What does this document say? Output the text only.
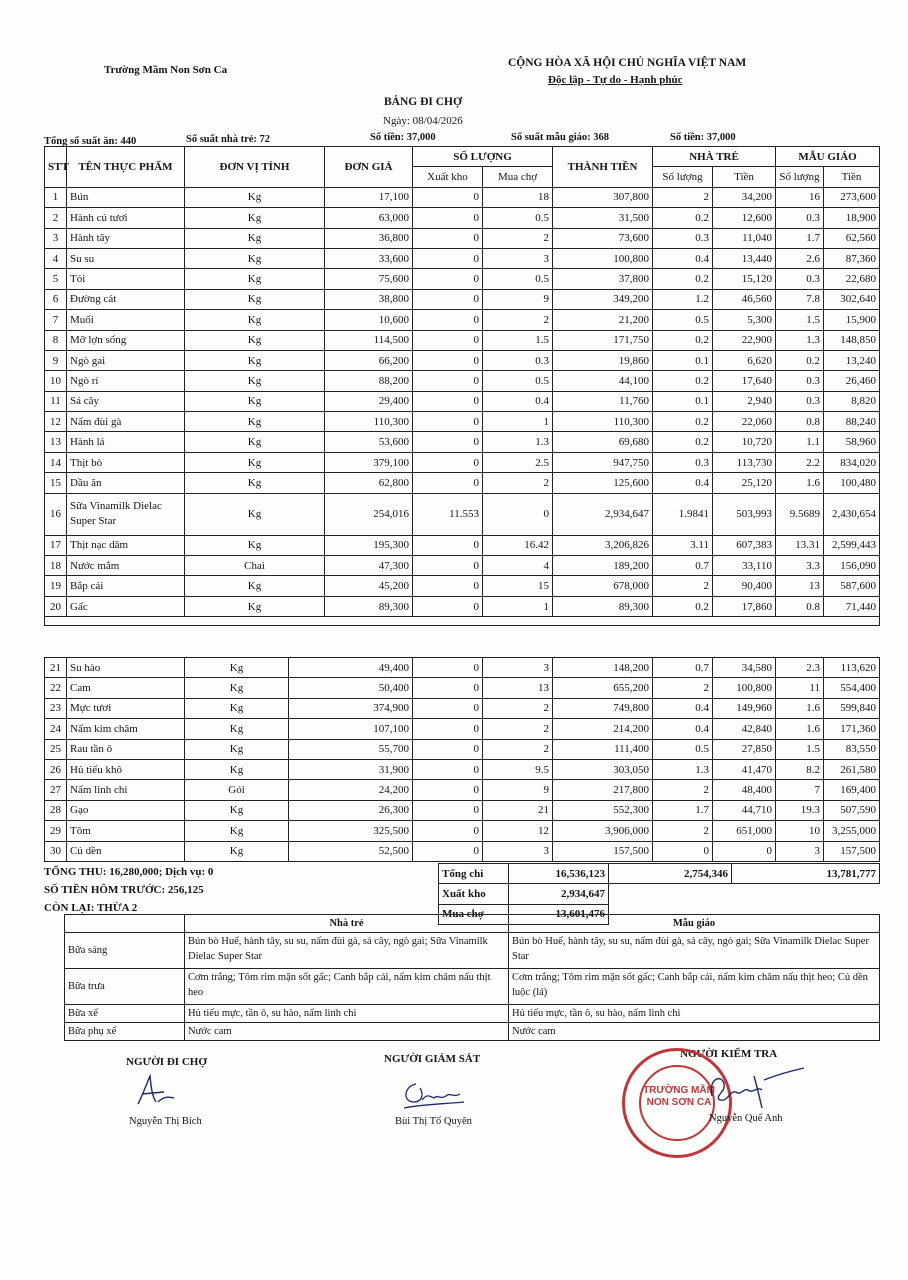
Trường Mầm Non Sơn Ca
CỘNG HÒA XÃ HỘI CHỦ NGHĨA VIỆT NAM
Độc lập - Tự do - Hạnh phúc
BẢNG ĐI CHỢ
Ngày: 08/04/2026
Tổng số suất ăn: 440	Số suất nhà trẻ: 72	Số tiền: 37,000	Số suất mẫu giáo: 368	Số tiền: 37,000
STT	TÊN THỰC PHẨM	ĐƠN VỊ TÍNH	ĐƠN GIÁ	SỐ LƯỢNG		THÀNH TIỀN	NHÀ TRẺ		MẪU GIÁO	
				Xuất kho	Mua chợ		Số lượng	Tiền	Số lượng	Tiền
1	Bún	Kg	17,100	0	18	307,800	2	34,200	16	273,600
2	Hành củ tươi	Kg	63,000	0	0.5	31,500	0.2	12,600	0.3	18,900
3	Hành tây	Kg	36,800	0	2	73,600	0.3	11,040	1.7	62,560
4	Su su	Kg	33,600	0	3	100,800	0.4	13,440	2.6	87,360
5	Tỏi	Kg	75,600	0	0.5	37,800	0.2	15,120	0.3	22,680
6	Đường cát	Kg	38,800	0	9	349,200	1.2	46,560	7.8	302,640
7	Muối	Kg	10,600	0	2	21,200	0.5	5,300	1.5	15,900
8	Mỡ lợn sống	Kg	114,500	0	1.5	171,750	0.2	22,900	1.3	148,850
9	Ngò gai	Kg	66,200	0	0.3	19,860	0.1	6,620	0.2	13,240
10	Ngò rí	Kg	88,200	0	0.5	44,100	0.2	17,640	0.3	26,460
11	Sả cây	Kg	29,400	0	0.4	11,760	0.1	2,940	0.3	8,820
12	Nấm đùi gà	Kg	110,300	0	1	110,300	0.2	22,060	0.8	88,240
13	Hành lá	Kg	53,600	0	1.3	69,680	0.2	10,720	1.1	58,960
14	Thịt bò	Kg	379,100	0	2.5	947,750	0.3	113,730	2.2	834,020
15	Dầu ăn	Kg	62,800	0	2	125,600	0.4	25,120	1.6	100,480
16	Sữa Vinamilk Dielac
Super Star	Kg	254,016	11.553	0	2,934,647	1.9841	503,993	9.5689	2,430,654
17	Thịt nạc dăm	Kg	195,300	0	16.42	3,206,826	3.11	607,383	13.31	2,599,443
18	Nước mắm	Chai	47,300	0	4	189,200	0.7	33,110	3.3	156,090
19	Bắp cải	Kg	45,200	0	15	678,000	2	90,400	13	587,600
20	Gấc	Kg	89,300	0	1	89,300	0.2	17,860	0.8	71,440

21	Su hào	Kg	49,400	0	3	148,200	0.7	34,580	2.3	113,620
22	Cam	Kg	50,400	0	13	655,200	2	100,800	11	554,400
23	Mực tươi	Kg	374,900	0	2	749,800	0.4	149,960	1.6	599,840
24	Nấm kim châm	Kg	107,100	0	2	214,200	0.4	42,840	1.6	171,360
25	Rau tần ô	Kg	55,700	0	2	111,400	0.5	27,850	1.5	83,550
26	Hủ tiếu khô	Kg	31,900	0	9.5	303,050	1.3	41,470	8.2	261,580
27	Nấm linh chi	Gói	24,200	0	9	217,800	2	48,400	7	169,400
28	Gạo	Kg	26,300	0	21	552,300	1.7	44,710	19.3	507,590
29	Tôm	Kg	325,500	0	12	3,906,000	2	651,000	10	3,255,000
30	Củ dền	Kg	52,500	0	3	157,500	0	0	3	157,500
TỔNG THU: 16,280,000; Dịch vụ: 0
SỐ TIỀN HÔM TRƯỚC: 256,125
CÒN LẠI: THỪA 2
Tổng chi	16,536,123	2,754,346	13,781,777
Xuất kho	2,934,647		
Mua chợ	13,601,476		
	Nhà trẻ	Mẫu giáo
Bữa sáng	Bún bò Huế, hành tây, su su, nấm đùi gà, sả cây, ngò gai; Sữa Vinamilk Dielac Super Star	Bún bò Huế, hành tây, su su, nấm đùi gà, sả cây, ngò gai; Sữa Vinamilk Dielac Super Star
Bữa trưa	Cơm trắng; Tôm rim mặn sốt gấc; Canh bắp cải, nấm kim châm nấu thịt heo	Cơm trắng; Tôm rim mặn sốt gấc; Canh bắp cải, nấm kim châm nấu thịt heo; Củ dền luộc (lá)
Bữa xế	Hủ tiếu mực, tần ô, su hào, nấm linh chi	Hủ tiếu mực, tần ô, su hào, nấm linh chi
Bữa phụ xế	Nước cam	Nước cam
NGƯỜI ĐI CHỢ
Nguyễn Thị Bích
NGƯỜI GIÁM SÁT
Bùi Thị Tố Quyên
NGƯỜI KIỂM TRA
TRƯỜNG MẦM NON SƠN CA
Nguyễn Quế Anh
